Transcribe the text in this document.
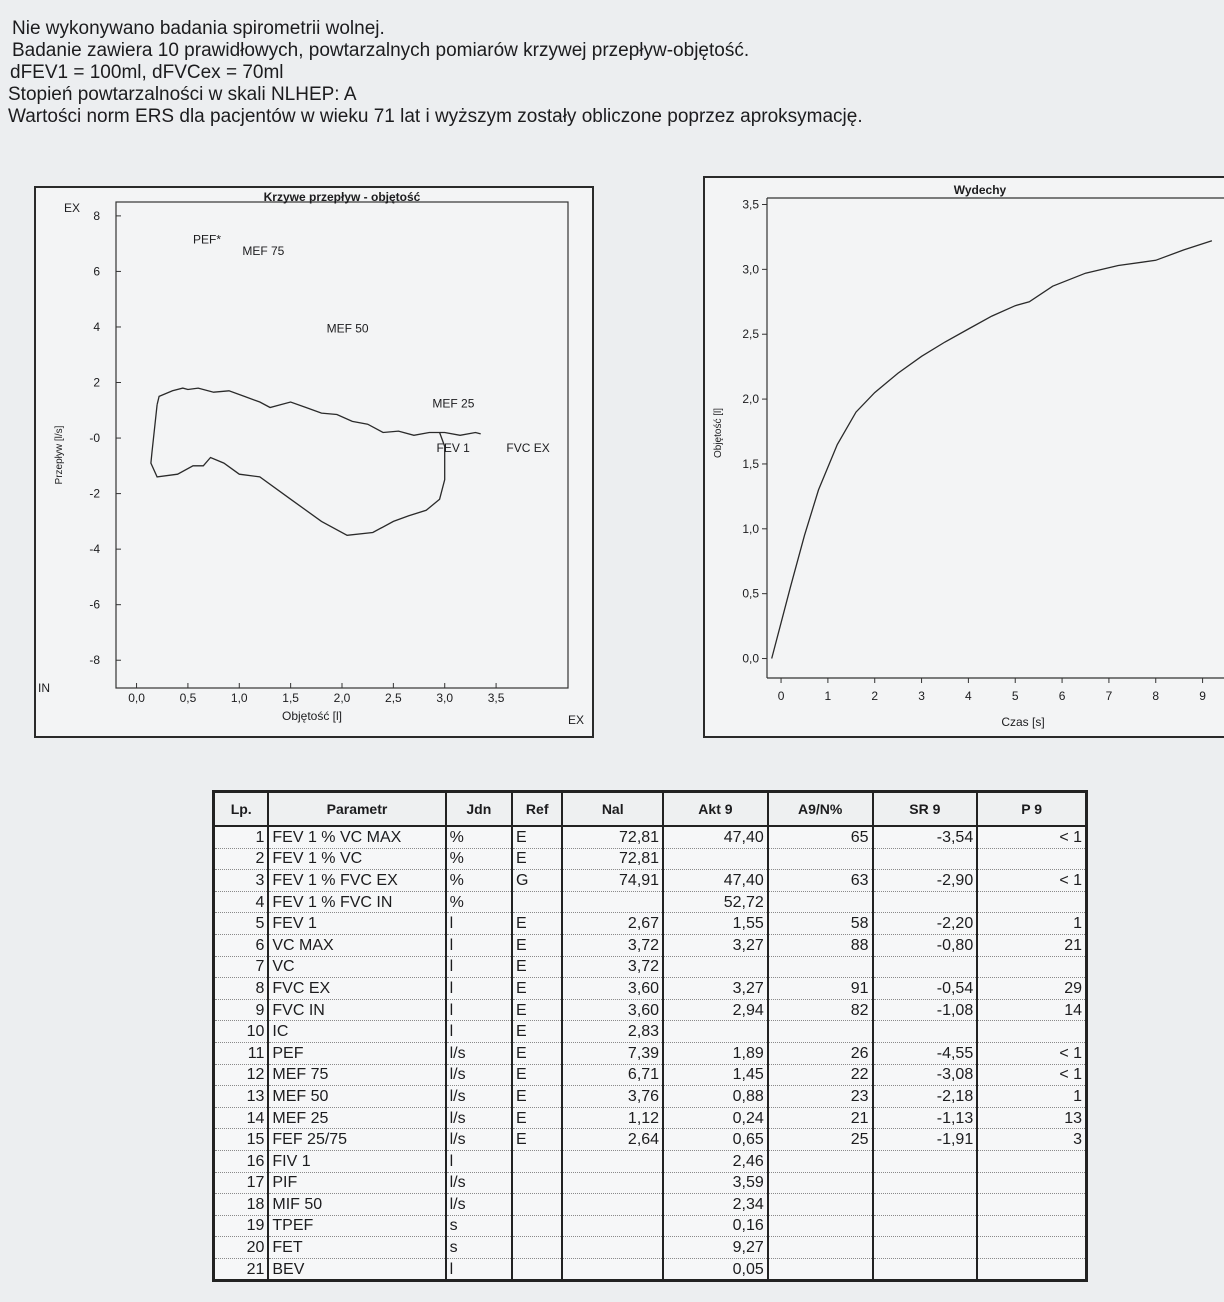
Nie wykonywano badania spirometrii wolnej.
Badanie zawiera 10 prawidłowych, powtarzalnych pomiarów krzywej przepływ-objętość.
dFEV1 = 100ml, dFVCex = 70ml
Stopień powtarzalności w skali NLHEP: A
Wartości norm ERS dla pacjentów w wieku 71 lat i wyższym zostały obliczone poprzez aproksymację.
Krzywe przepływ - objętość
EX
IN
EX
8
6
4
2
-0
-2
-4
-6
-8
0,0	0,5	1,0	1,5	2,0	2,5	3,0	3,5
Objętość [l]
Przepływ [l/s]
PEF*
MEF 75
MEF 50
MEF 25
FEV 1	FVC EX
Wydechy
0,0
0,5
1,0
1,5
2,0
2,5
3,0
3,5
0	1	2	3	4	5	6	7	8	9
Czas [s]
Objętość [l]
Lp.	Parametr	Jdn	Ref	Nal	Akt 9	A9/N%	SR 9	P 9
1	FEV 1 % VC MAX	%	E	72,81	47,40	65	-3,54	< 1
2	FEV 1 % VC	%	E	72,81				
3	FEV 1 % FVC EX	%	G	74,91	47,40	63	-2,90	< 1
4	FEV 1 % FVC IN	%			52,72			
5	FEV 1	l	E	2,67	1,55	58	-2,20	1
6	VC MAX	l	E	3,72	3,27	88	-0,80	21
7	VC	l	E	3,72				
8	FVC EX	l	E	3,60	3,27	91	-0,54	29
9	FVC IN	l	E	3,60	2,94	82	-1,08	14
10	IC	l	E	2,83				
11	PEF	l/s	E	7,39	1,89	26	-4,55	< 1
12	MEF 75	l/s	E	6,71	1,45	22	-3,08	< 1
13	MEF 50	l/s	E	3,76	0,88	23	-2,18	1
14	MEF 25	l/s	E	1,12	0,24	21	-1,13	13
15	FEF 25/75	l/s	E	2,64	0,65	25	-1,91	3
16	FIV 1	l			2,46			
17	PIF	l/s			3,59			
18	MIF 50	l/s			2,34			
19	TPEF	s			0,16			
20	FET	s			9,27			
21	BEV	l			0,05			
